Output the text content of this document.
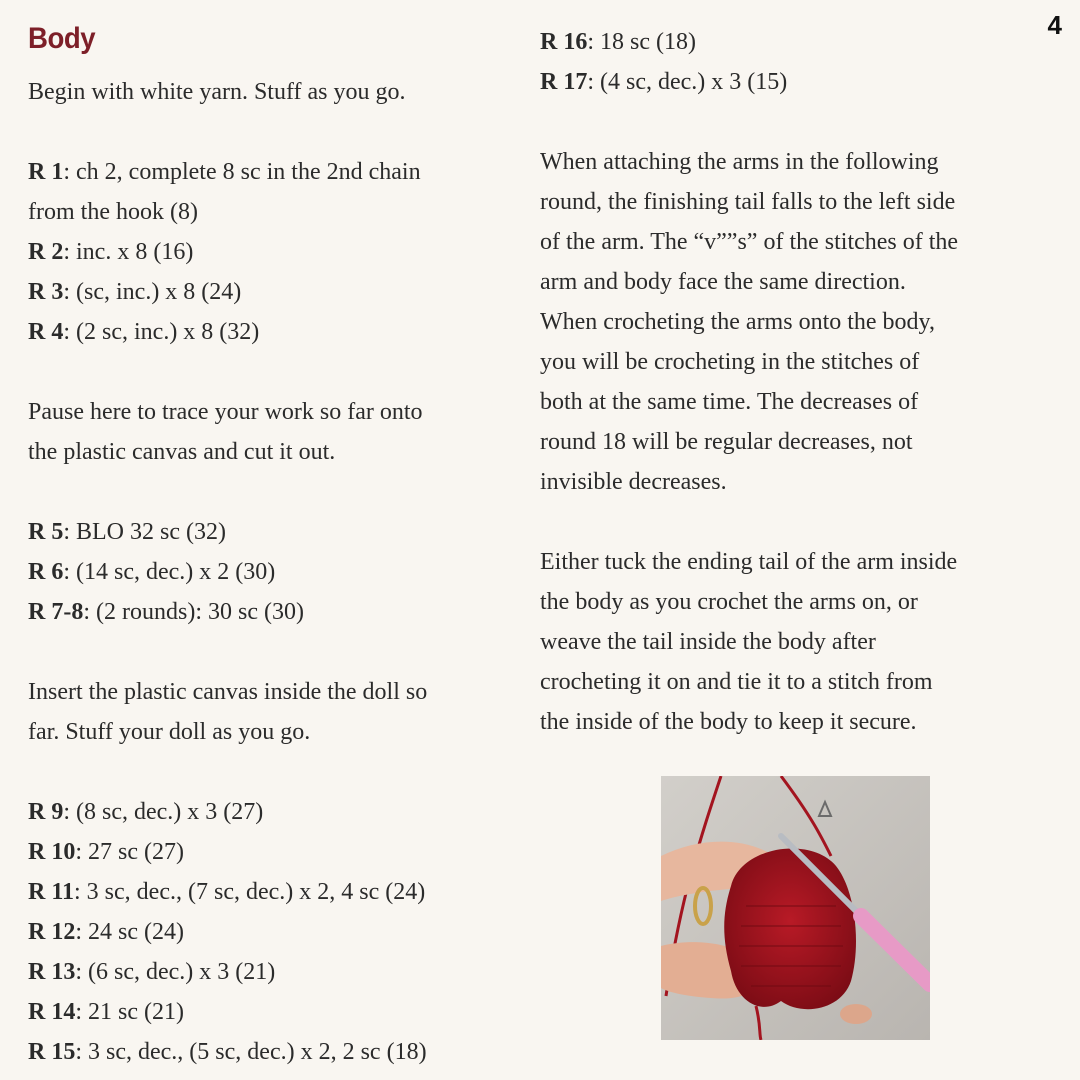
4
Body
Begin with white yarn. Stuff as you go.
R 1: ch 2, complete 8 sc in the 2nd chain
from the hook (8)
R 2: inc. x 8 (16)
R 3: (sc, inc.) x 8 (24)
R 4: (2 sc, inc.) x 8 (32)
Pause here to trace your work so far onto
the plastic canvas and cut it out.
R 5: BLO 32 sc (32)
R 6: (14 sc, dec.) x 2 (30)
R 7-8: (2 rounds): 30 sc (30)
Insert the plastic canvas inside the doll so
far. Stuff your doll as you go.
R 9: (8 sc, dec.) x 3 (27)
R 10: 27 sc (27)
R 11: 3 sc, dec., (7 sc, dec.) x 2, 4 sc (24)
R 12: 24 sc (24)
R 13: (6 sc, dec.) x 3 (21)
R 14: 21 sc (21)
R 15: 3 sc, dec., (5 sc, dec.) x 2, 2 sc (18)
R 16: 18 sc (18)
R 17: (4 sc, dec.) x 3 (15)
When attaching the arms in the following
round, the finishing tail falls to the left side
of the arm. The “v””s” of the stitches of the
arm and body face the same direction.
When crocheting the arms onto the body,
you will be crocheting in the stitches of
both at the same time. The decreases of
round 18 will be regular decreases, not
invisible decreases.
Either tuck the ending tail of the arm inside
the body as you crochet the arms on, or
weave the tail inside the body after
crocheting it on and tie it to a stitch from
the inside of the body to keep it secure.
